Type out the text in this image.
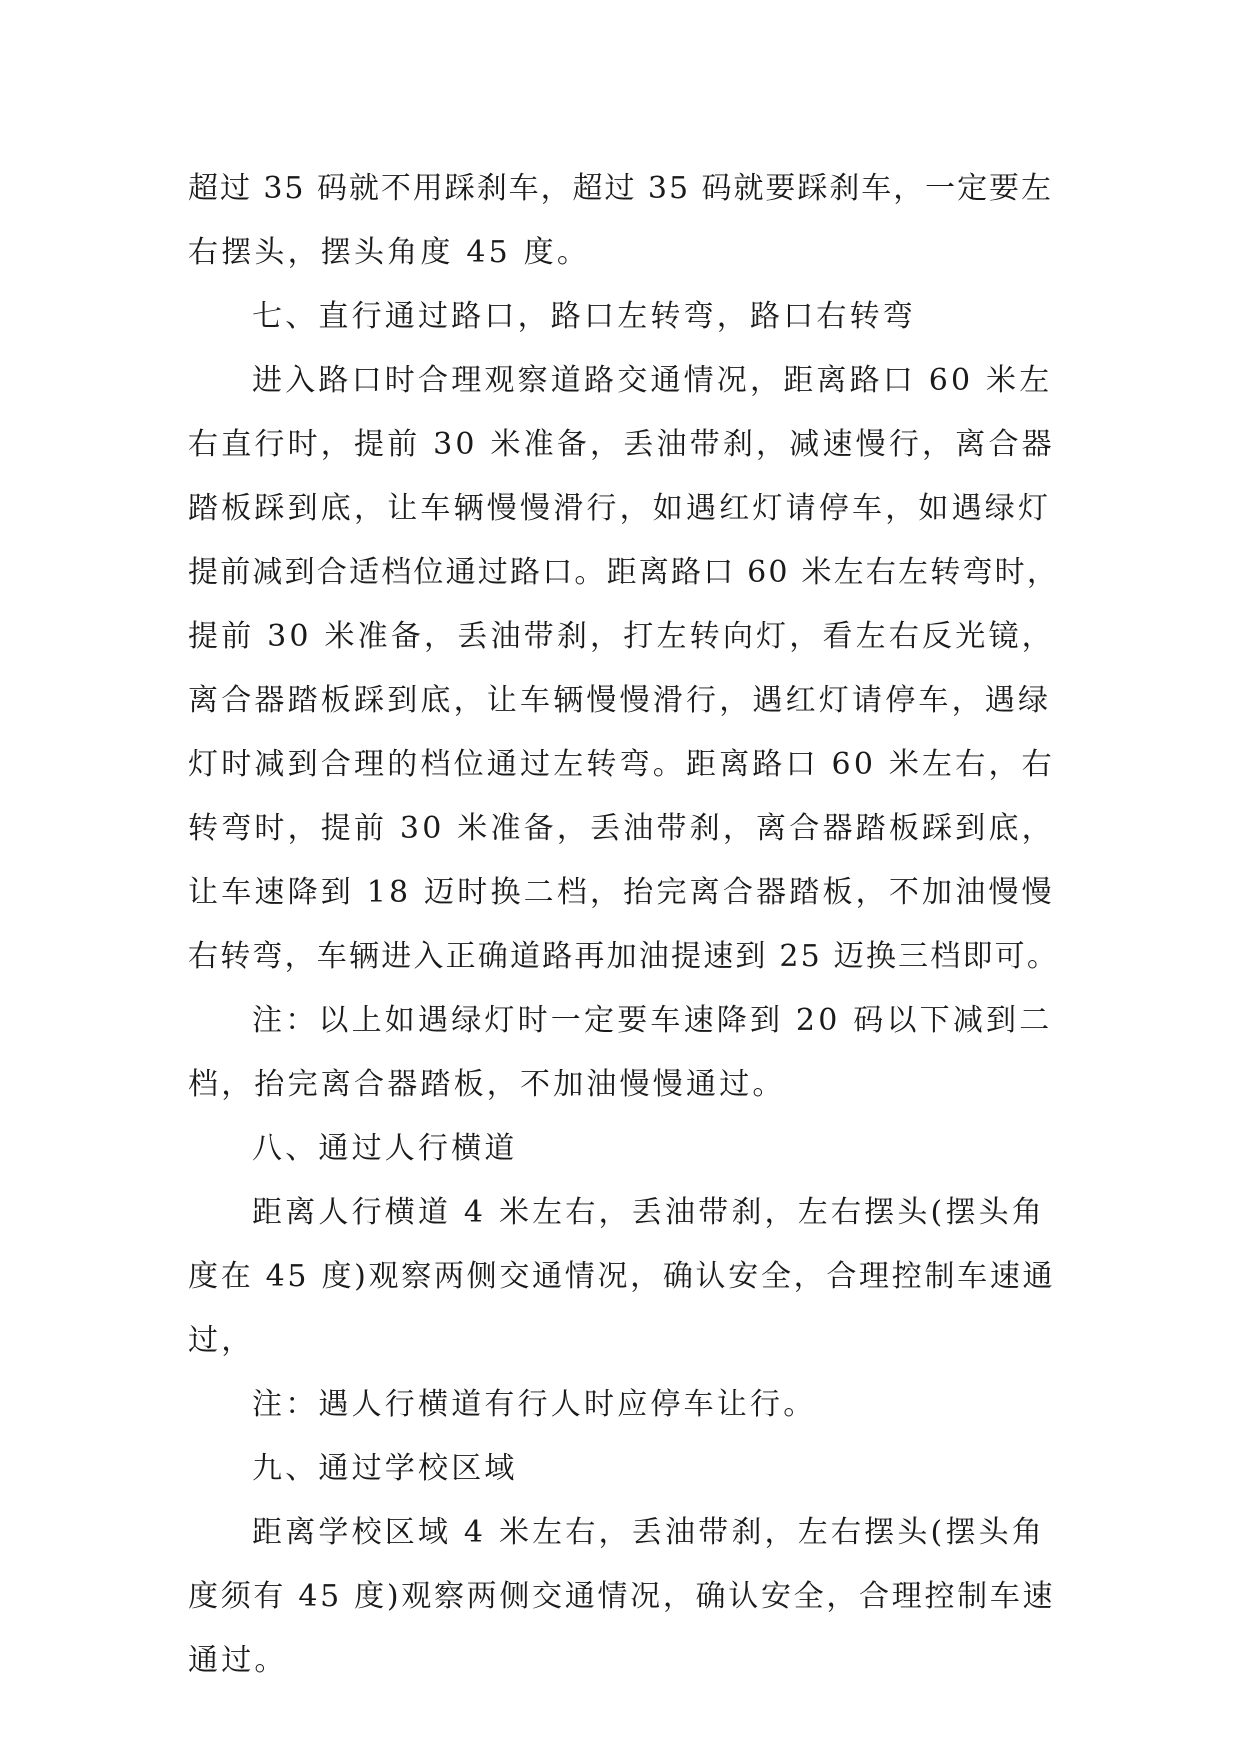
超过 35 码就不用踩刹车，超过 35 码就要踩刹车，一定要左
右摆头，摆头角度 45 度。
七、直行通过路口，路口左转弯，路口右转弯
进入路口时合理观察道路交通情况，距离路口 60 米左
右直行时，提前 30 米准备，丢油带刹，减速慢行，离合器
踏板踩到底，让车辆慢慢滑行，如遇红灯请停车，如遇绿灯
提前减到合适档位通过路口。距离路口 60 米左右左转弯时，
提前 30 米准备，丢油带刹，打左转向灯，看左右反光镜，
离合器踏板踩到底，让车辆慢慢滑行，遇红灯请停车，遇绿
灯时减到合理的档位通过左转弯。距离路口 60 米左右，右
转弯时，提前 30 米准备，丢油带刹，离合器踏板踩到底，
让车速降到 18 迈时换二档，抬完离合器踏板，不加油慢慢
右转弯，车辆进入正确道路再加油提速到 25 迈换三档即可。
注：以上如遇绿灯时一定要车速降到 20 码以下减到二
档，抬完离合器踏板，不加油慢慢通过。
八、通过人行横道
距离人行横道 4 米左右，丢油带刹，左右摆头(摆头角
度在 45 度)观察两侧交通情况，确认安全，合理控制车速通
过，
注：遇人行横道有行人时应停车让行。
九、通过学校区域
距离学校区域 4 米左右，丢油带刹，左右摆头(摆头角
度须有 45 度)观察两侧交通情况，确认安全，合理控制车速
通过。
